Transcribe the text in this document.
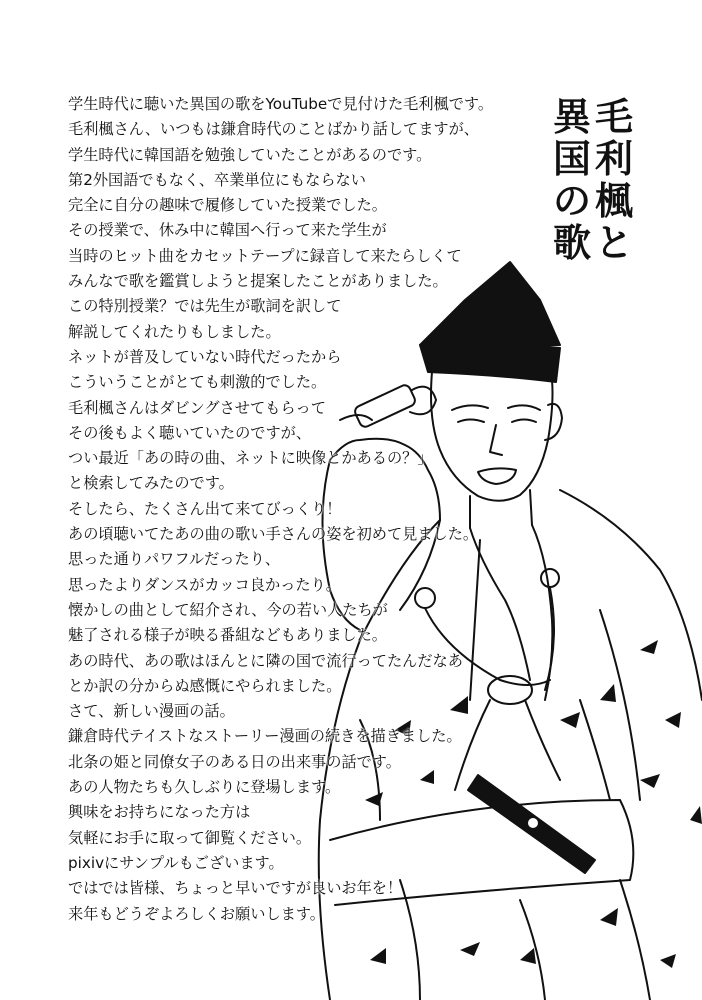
毛
利
楓
と
異
国
の
歌
学生時代に聴いた異国の歌をYouTubeで見付けた毛利楓です。
毛利楓さん、いつもは鎌倉時代のことばかり話してますが、
学生時代に韓国語を勉強していたことがあるのです。
第2外国語でもなく、卒業単位にもならない
完全に自分の趣味で履修していた授業でした。
その授業で、休み中に韓国へ行って来た学生が
当時のヒット曲をカセットテープに録音して来たらしくて
みんなで歌を鑑賞しようと提案したことがありました。
この特別授業？では先生が歌詞を訳して
解説してくれたりもしました。
ネットが普及していない時代だったから
こういうことがとても刺激的でした。
毛利楓さんはダビングさせてもらって
その後もよく聴いていたのですが、
つい最近「あの時の曲、ネットに映像とかあるの？」
と検索してみたのです。
そしたら、たくさん出て来てびっくり！
あの頃聴いてたあの曲の歌い手さんの姿を初めて見ました。
思った通りパワフルだったり、
思ったよりダンスがカッコ良かったり。
懐かしの曲として紹介され、今の若い人たちが
魅了される様子が映る番組などもありました。
あの時代、あの歌はほんとに隣の国で流行ってたんだなあ
とか訳の分からぬ感慨にやられました。
さて、新しい漫画の話。
鎌倉時代テイストなストーリー漫画の続きを描きました。
北条の姫と同僚女子のある日の出来事の話です。
あの人物たちも久しぶりに登場します。
興味をお持ちになった方は
気軽にお手に取って御覧ください。
pixivにサンプルもございます。
ではでは皆様、ちょっと早いですが良いお年を！
来年もどうぞよろしくお願いします。
